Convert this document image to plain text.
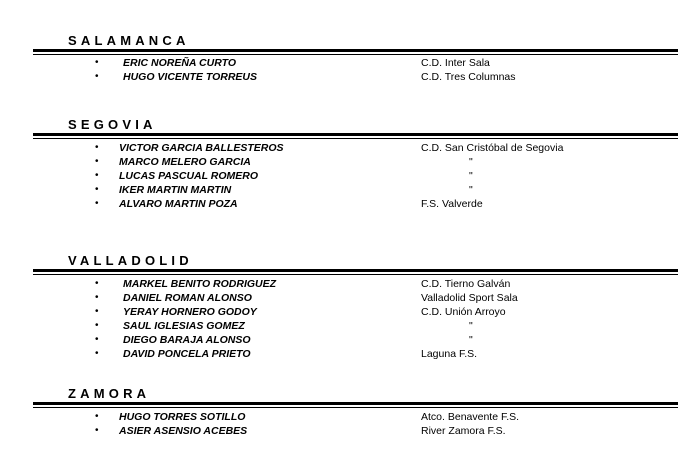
SALAMANCA
• ERIC NOREÑA CURTO	C.D. Inter Sala
• HUGO VICENTE TORREUS	C.D. Tres Columnas
SEGOVIA
• VICTOR GARCIA BALLESTEROS	C.D. San Cristóbal de Segovia
• MARCO MELERO GARCIA	"
• LUCAS PASCUAL ROMERO	"
• IKER MARTIN MARTIN	"
• ALVARO MARTIN POZA	F.S. Valverde
VALLADOLID
• MARKEL BENITO RODRIGUEZ	C.D. Tierno Galván
• DANIEL ROMAN ALONSO	Valladolid Sport Sala
• YERAY HORNERO GODOY	C.D. Unión Arroyo
• SAUL IGLESIAS GOMEZ	"
• DIEGO BARAJA ALONSO	"
• DAVID PONCELA PRIETO	Laguna F.S.
ZAMORA
• HUGO TORRES SOTILLO	Atco. Benavente F.S.
• ASIER ASENSIO ACEBES	River Zamora F.S.
